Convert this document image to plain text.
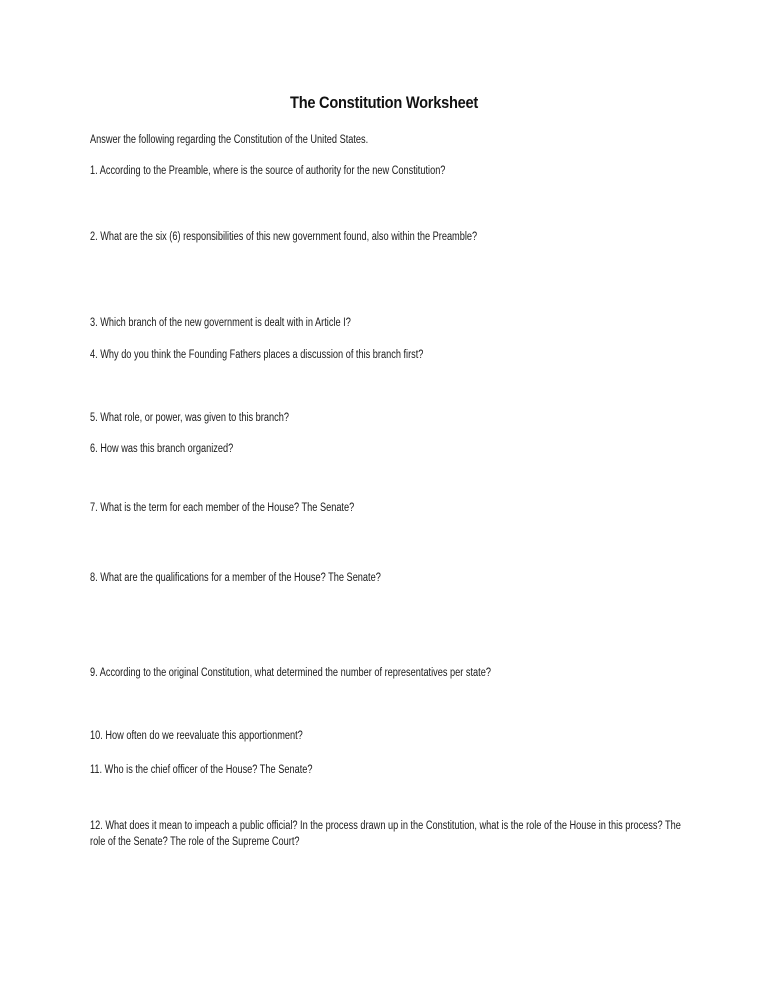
The Constitution Worksheet
Answer the following regarding the Constitution of the United States.
1. According to the Preamble, where is the source of authority for the new Constitution?
2. What are the six (6) responsibilities of this new government found, also within the Preamble?
3. Which branch of the new government is dealt with in Article I?
4. Why do you think the Founding Fathers places a discussion of this branch first?
5. What role, or power, was given to this branch?
6. How was this branch organized?
7. What is the term for each member of the House? The Senate?
8. What are the qualifications for a member of the House? The Senate?
9. According to the original Constitution, what determined the number of representatives per state?
10. How often do we reevaluate this apportionment?
11. Who is the chief officer of the House? The Senate?
12. What does it mean to impeach a public official? In the process drawn up in the Constitution, what is the role of the House in this process? The role of the Senate? The role of the Supreme Court?
